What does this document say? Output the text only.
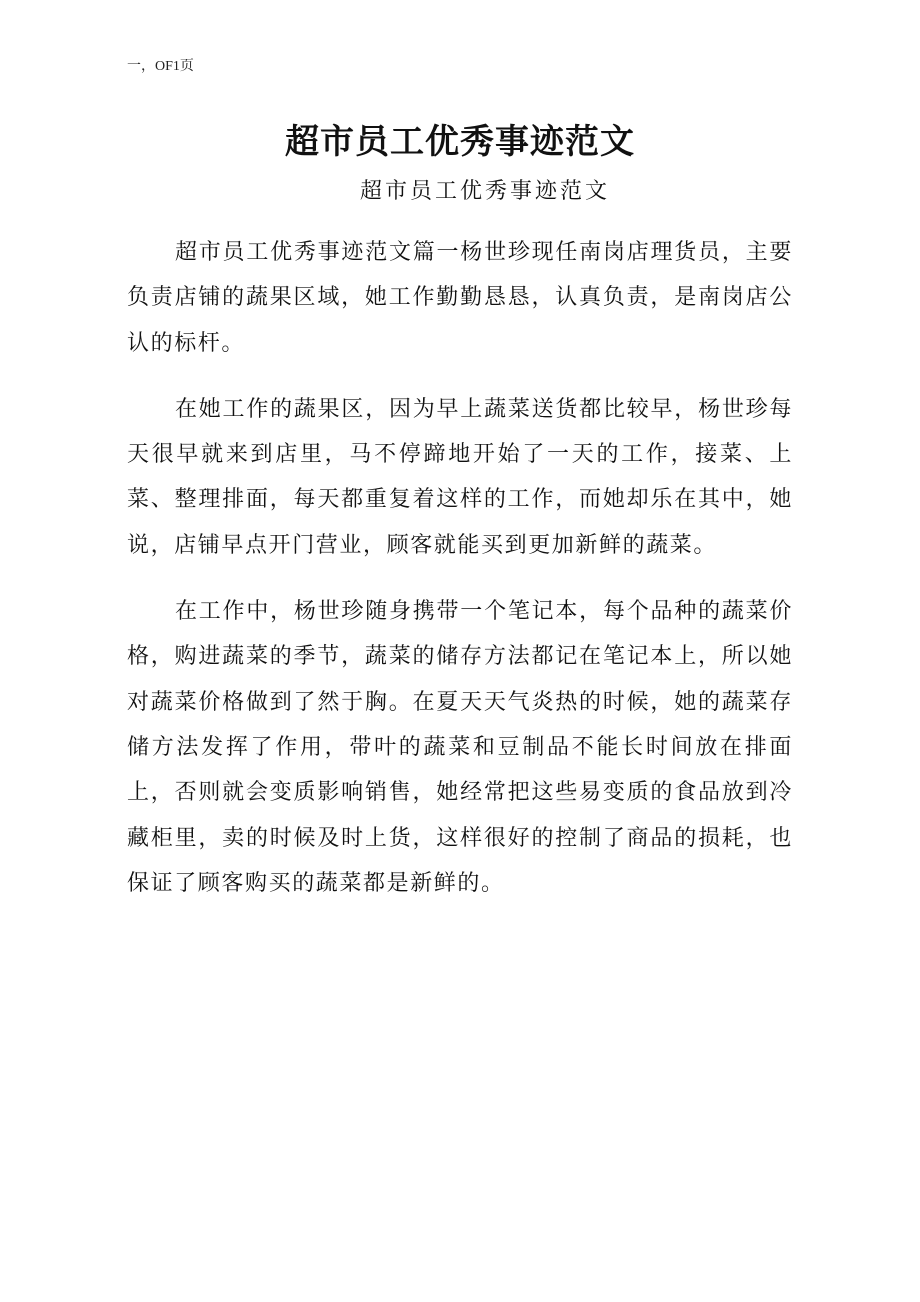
一，OF1页
超市员工优秀事迹范文
超市员工优秀事迹范文

超市员工优秀事迹范文篇一杨世珍现任南岗店理货员，主要负责店铺的蔬果区域，她工作勤勤恳恳，认真负责，是南岗店公认的标杆。

在她工作的蔬果区，因为早上蔬菜送货都比较早，杨世珍每天很早就来到店里，马不停蹄地开始了一天的工作，接菜、上菜、整理排面，每天都重复着这样的工作，而她却乐在其中，她说，店铺早点开门营业，顾客就能买到更加新鲜的蔬菜。

在工作中，杨世珍随身携带一个笔记本，每个品种的蔬菜价格，购进蔬菜的季节，蔬菜的储存方法都记在笔记本上，所以她对蔬菜价格做到了然于胸。在夏天天气炎热的时候，她的蔬菜存储方法发挥了作用，带叶的蔬菜和豆制品不能长时间放在排面上，否则就会变质影响销售，她经常把这些易变质的食品放到冷藏柜里，卖的时候及时上货，这样很好的控制了商品的损耗，也保证了顾客购买的蔬菜都是新鲜的。
